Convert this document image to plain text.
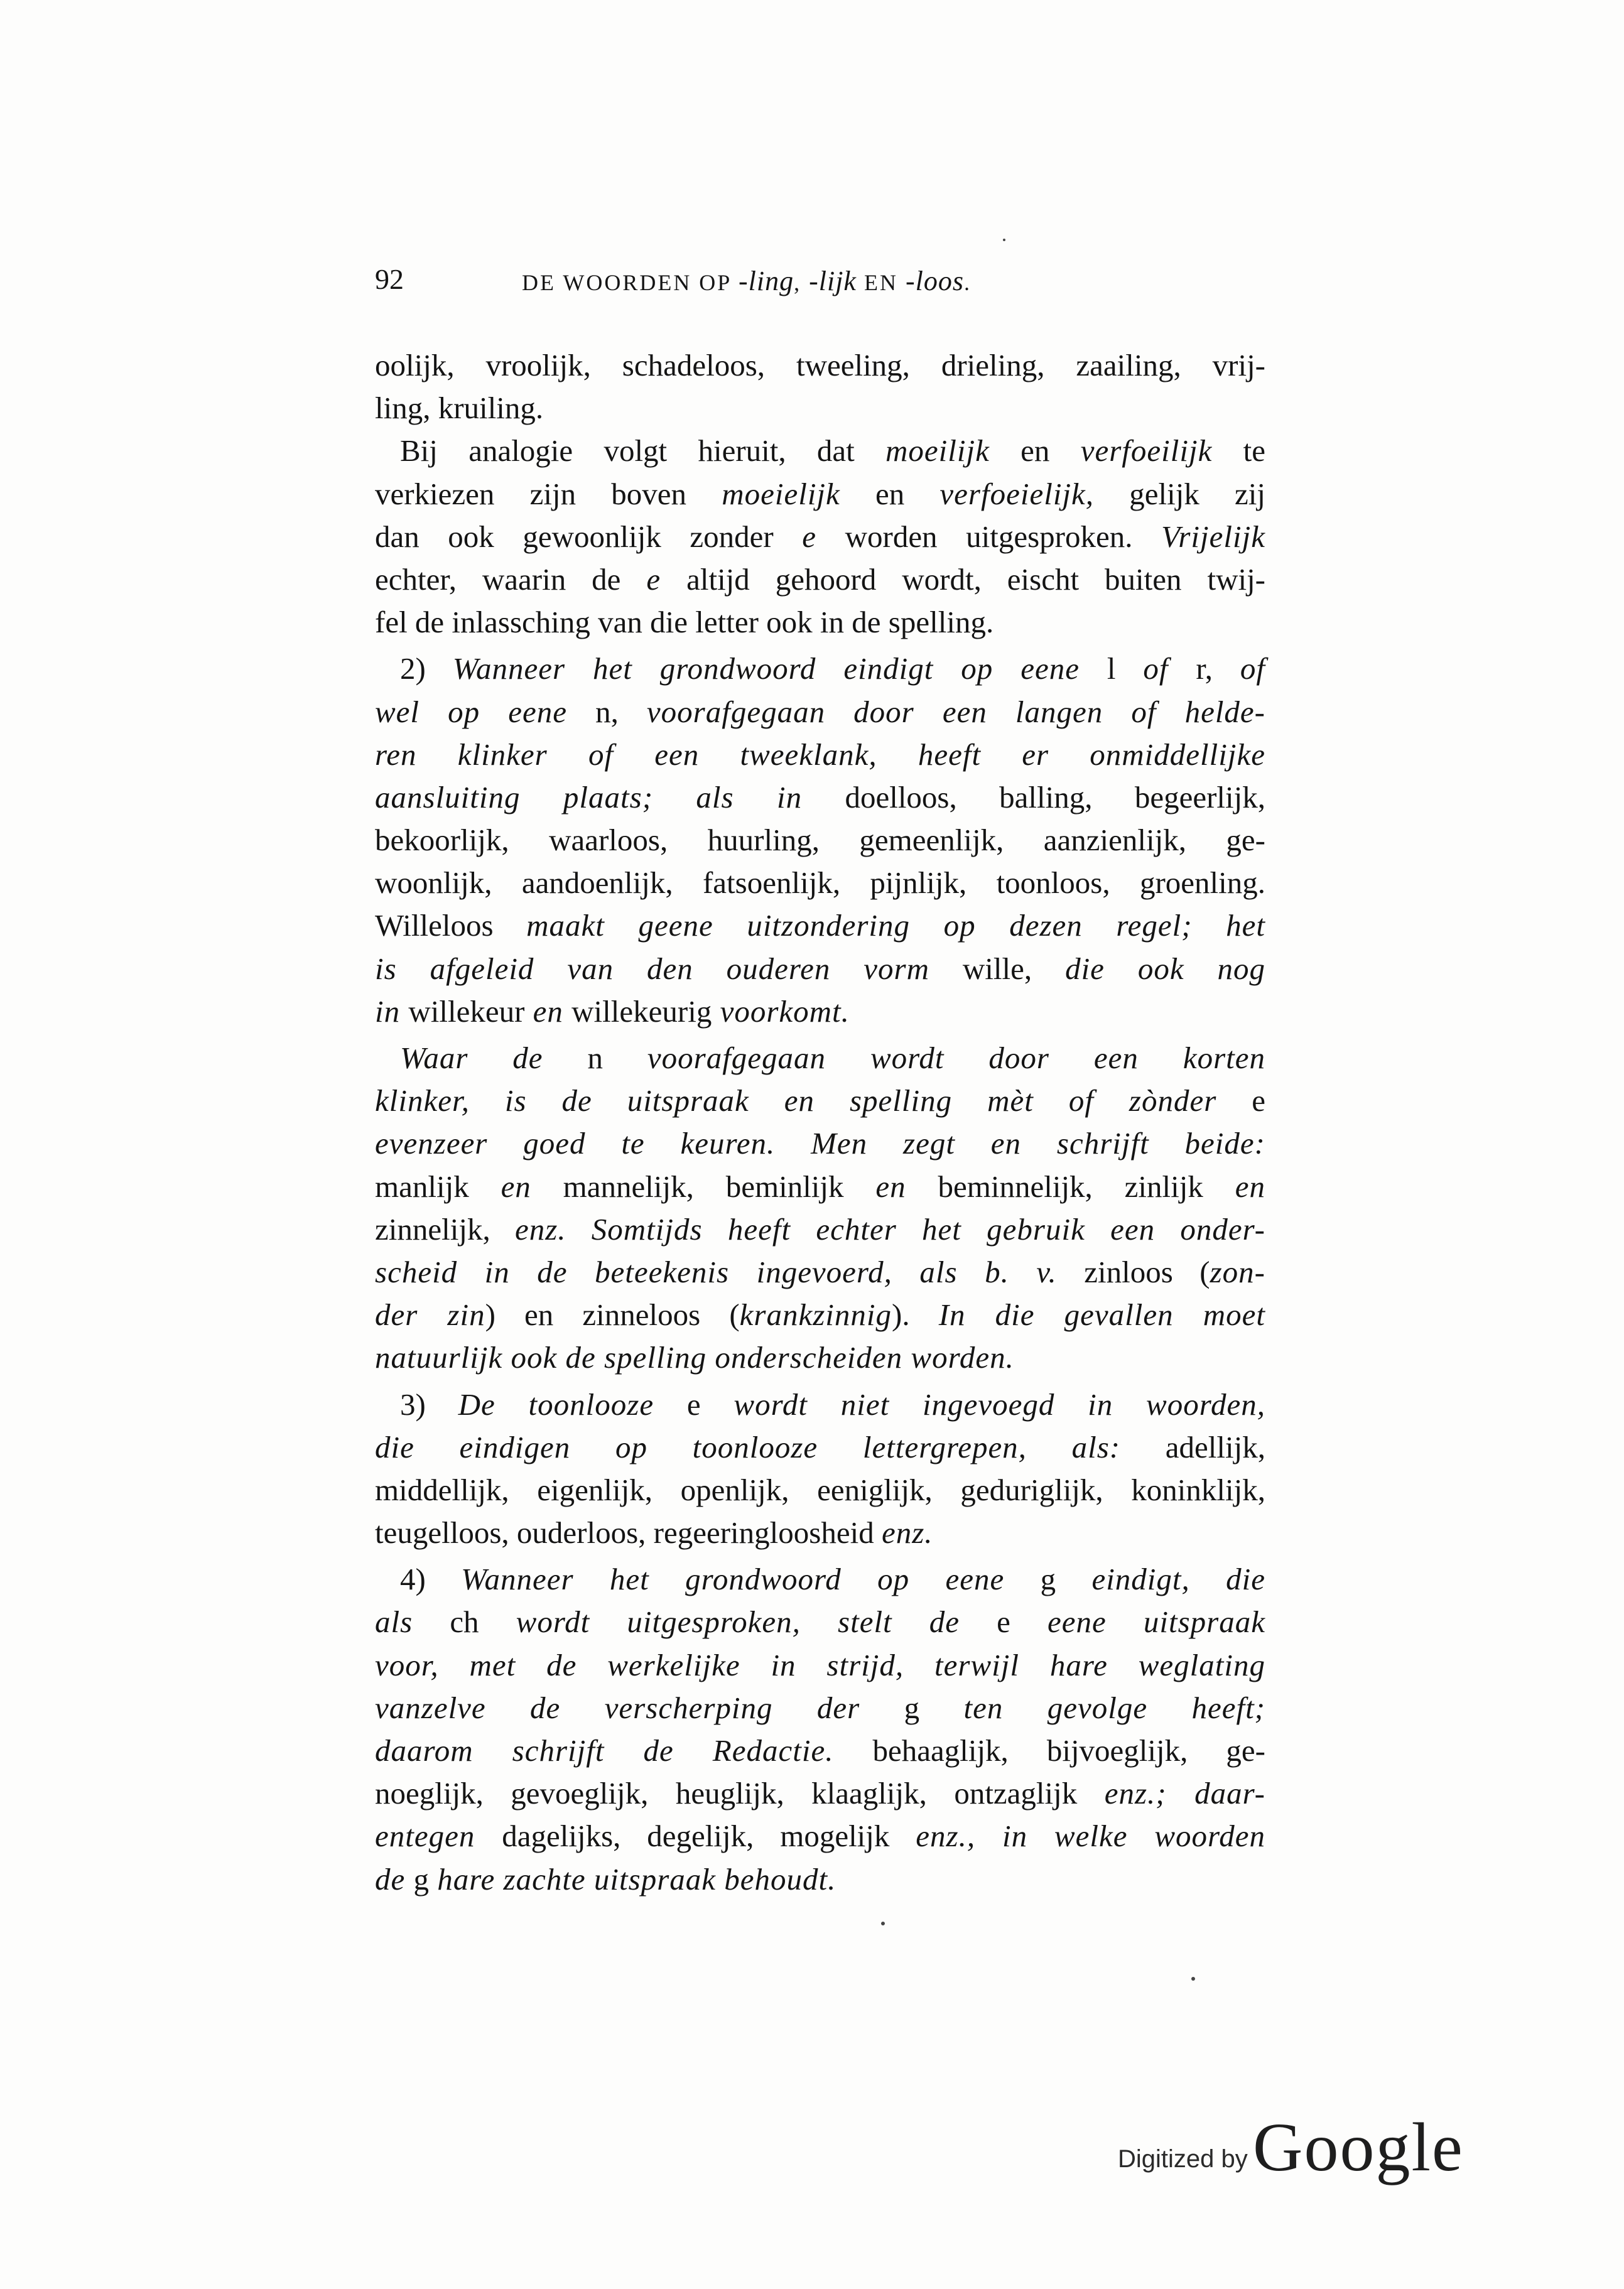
92	DE WOORDEN OP -ling, -lijk EN -loos.
oolijk, vroolijk, schadeloos, tweeling, drieling, zaailing, vrij-
ling, kruiling.
Bij analogie volgt hieruit, dat moeilijk en verfoeilijk te
verkiezen zijn boven moeielijk en verfoeielijk, gelijk zij
dan ook gewoonlijk zonder e worden uitgesproken. Vrijelijk
echter, waarin de e altijd gehoord wordt, eischt buiten twij-
fel de inlassching van die letter ook in de spelling.
2) Wanneer het grondwoord eindigt op eene l of r, of
wel op eene n, voorafgegaan door een langen of helde-
ren klinker of een tweeklank, heeft er onmiddellijke
aansluiting plaats; als in doelloos, balling, begeerlijk,
bekoorlijk, waarloos, huurling, gemeenlijk, aanzienlijk, ge-
woonlijk, aandoenlijk, fatsoenlijk, pijnlijk, toonloos, groenling.
Willeloos maakt geene uitzondering op dezen regel; het
is afgeleid van den ouderen vorm wille, die ook nog
in willekeur en willekeurig voorkomt.
Waar de n voorafgegaan wordt door een korten
klinker, is de uitspraak en spelling mèt of zònder e
evenzeer goed te keuren. Men zegt en schrijft beide:
manlijk en mannelijk, beminlijk en beminnelijk, zinlijk en
zinnelijk, enz. Somtijds heeft echter het gebruik een onder-
scheid in de beteekenis ingevoerd, als b. v. zinloos (zon-
der zin) en zinneloos (krankzinnig). In die gevallen moet
natuurlijk ook de spelling onderscheiden worden.
3) De toonlooze e wordt niet ingevoegd in woorden,
die eindigen op toonlooze lettergrepen, als: adellijk,
middellijk, eigenlijk, openlijk, eeniglijk, geduriglijk, koninklijk,
teugelloos, ouderloos, regeeringloosheid enz.
4) Wanneer het grondwoord op eene g eindigt, die
als ch wordt uitgesproken, stelt de e eene uitspraak
voor, met de werkelijke in strijd, terwijl hare weglating
vanzelve de verscherping der g ten gevolge heeft;
daarom schrijft de Redactie. behaaglijk, bijvoeglijk, ge-
noeglijk, gevoeglijk, heuglijk, klaaglijk, ontzaglijk enz.; daar-
entegen dagelijks, degelijk, mogelijk enz., in welke woorden
de g hare zachte uitspraak behoudt.
Digitized by Google
